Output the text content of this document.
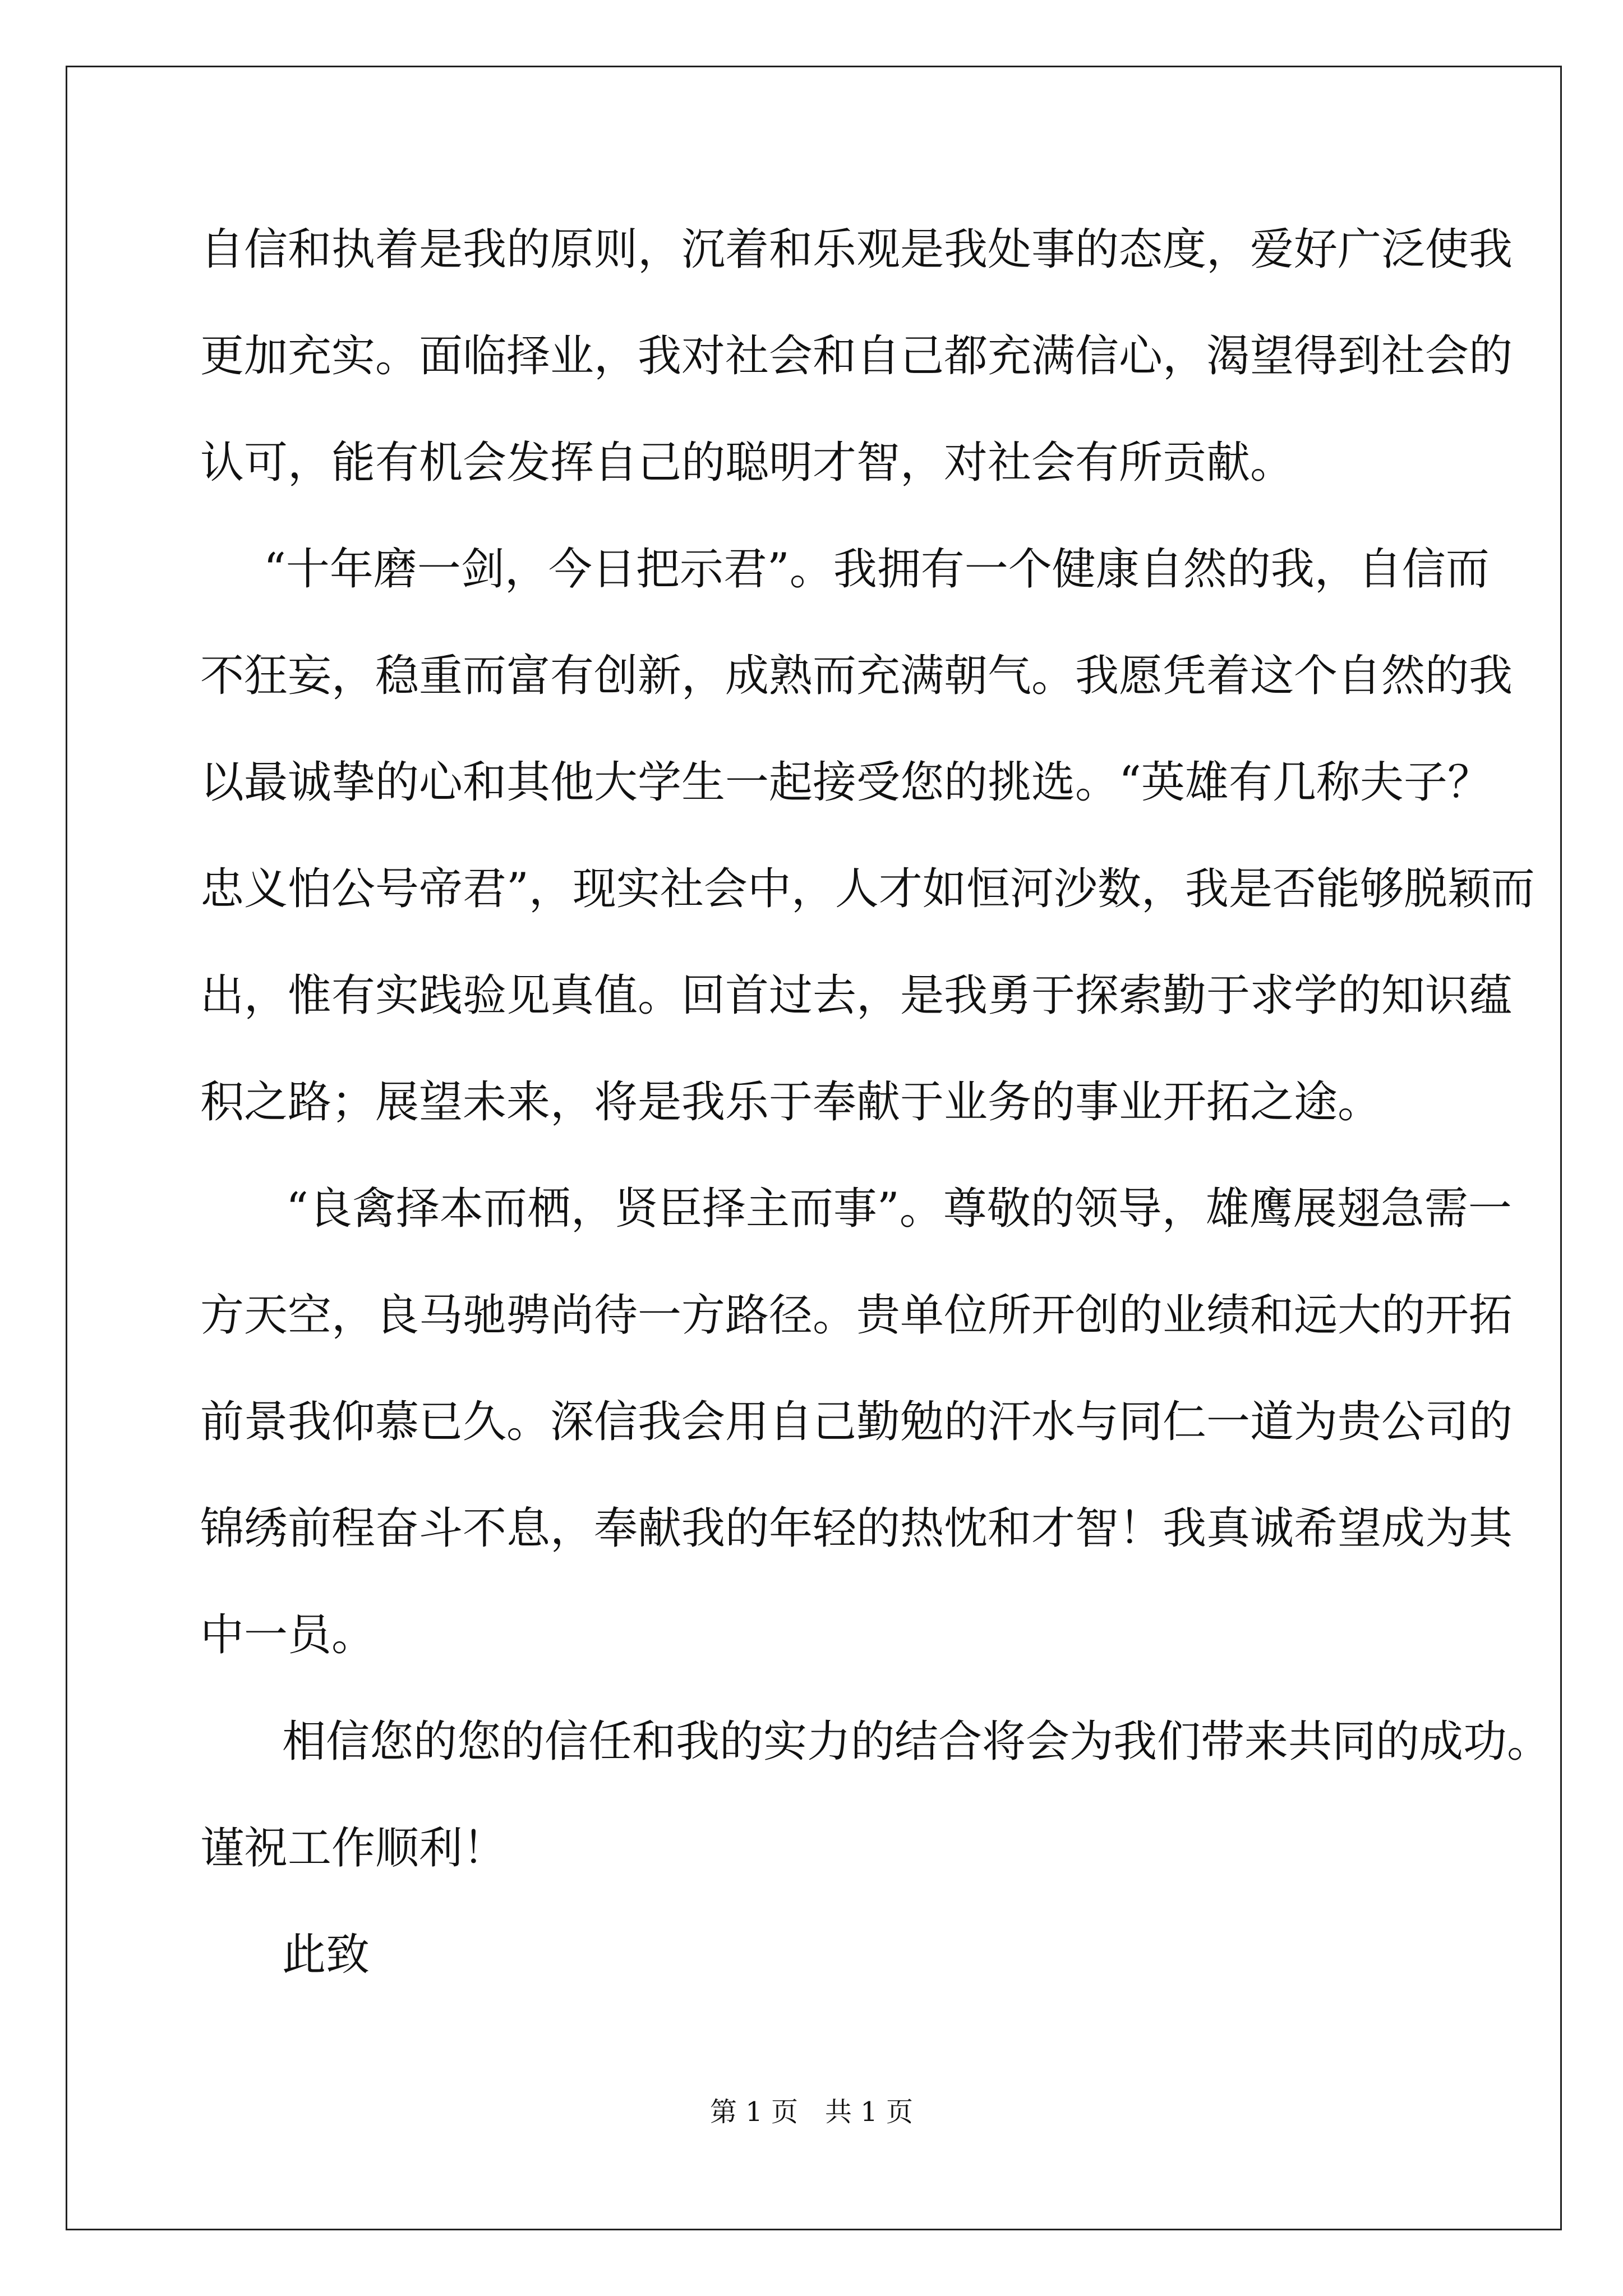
自信和执着是我的原则，沉着和乐观是我处事的态度，爱好广泛使我
更加充实。面临择业，我对社会和自己都充满信心，渴望得到社会的
认可，能有机会发挥自己的聪明才智，对社会有所贡献。
“十年磨一剑，今日把示君”。我拥有一个健康自然的我，自信而
不狂妄，稳重而富有创新，成熟而充满朝气。我愿凭着这个自然的我
以最诚挚的心和其他大学生一起接受您的挑选。“英雄有几称夫子？
忠义怕公号帝君”，现实社会中，人才如恒河沙数，我是否能够脱颖而
出，惟有实践验见真值。回首过去，是我勇于探索勤于求学的知识蕴
积之路；展望未来，将是我乐于奉献于业务的事业开拓之途。
“良禽择本而栖，贤臣择主而事”。尊敬的领导，雄鹰展翅急需一
方天空，良马驰骋尚待一方路径。贵单位所开创的业绩和远大的开拓
前景我仰慕已久。深信我会用自己勤勉的汗水与同仁一道为贵公司的
锦绣前程奋斗不息，奉献我的年轻的热忱和才智！我真诚希望成为其
中一员。
相信您的您的信任和我的实力的结合将会为我们带来共同的成功。
谨祝工作顺利！
此致
第 1 页　共 1 页
